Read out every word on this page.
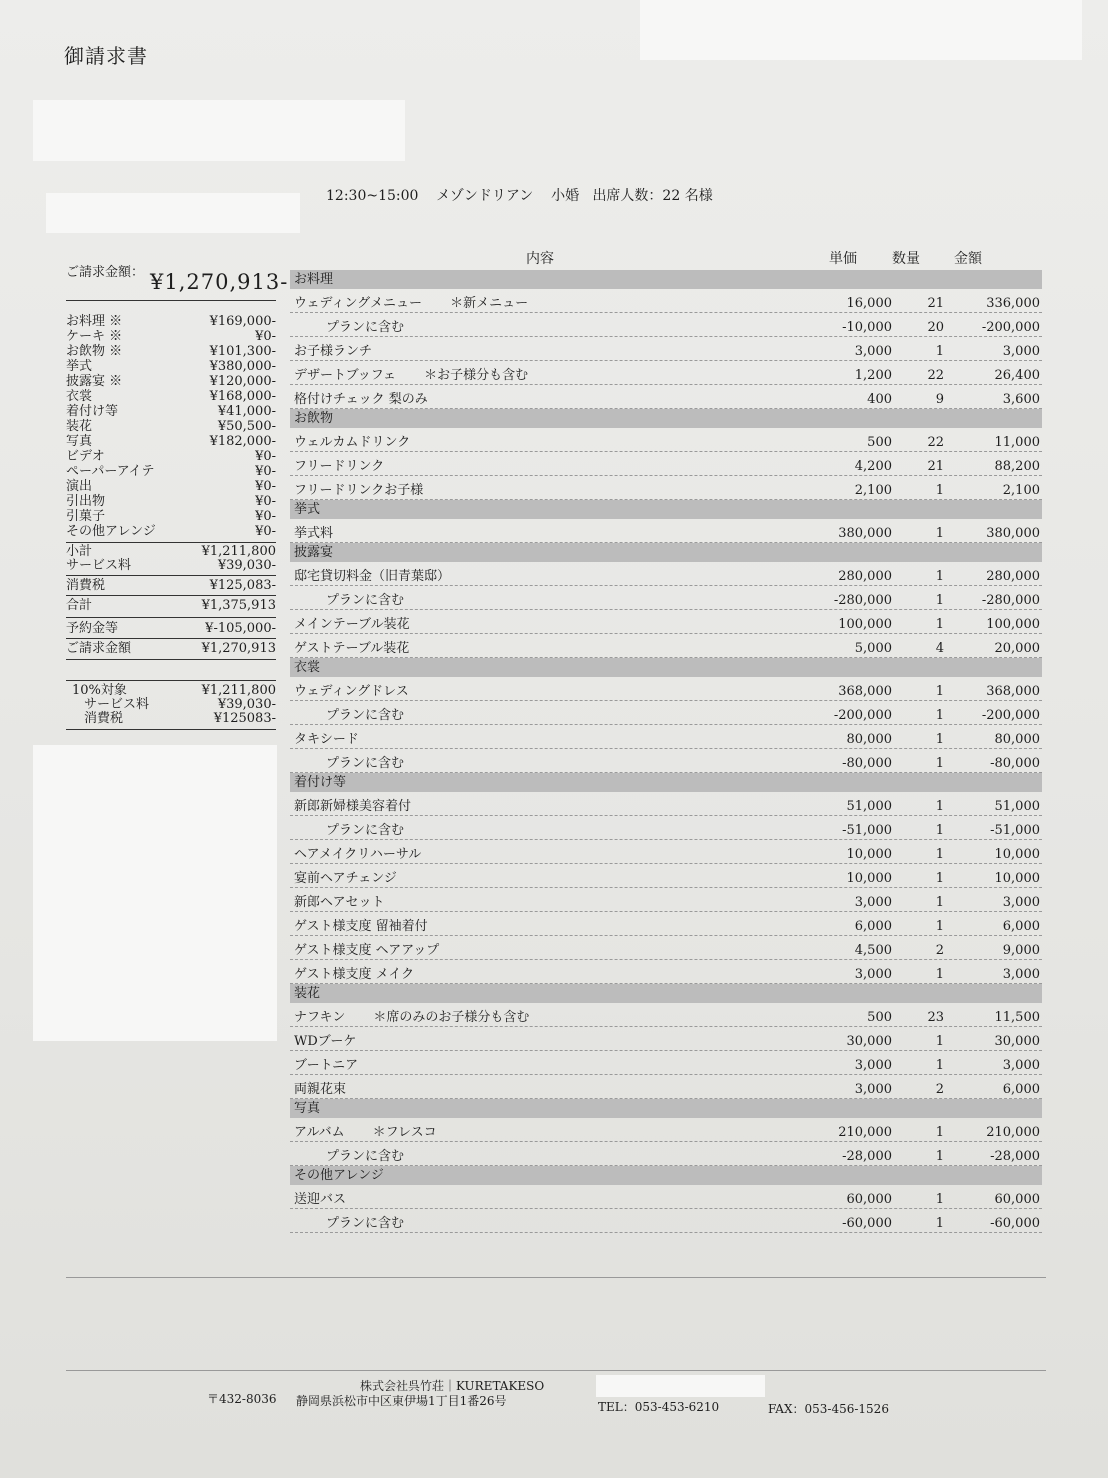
御請求書
12:30~15:00 メゾンドリアン 小婚 出席人数：22 名様
ご請求金額： ¥1,270,913-
お料理 ※	¥169,000-
ケーキ ※	¥0-
お飲物 ※	¥101,300-
挙式	¥380,000-
披露宴 ※	¥120,000-
衣裳	¥168,000-
着付け等	¥41,000-
装花	¥50,500-
写真	¥182,000-
ビデオ	¥0-
ペーパーアイテ	¥0-
演出	¥0-
引出物	¥0-
引菓子	¥0-
その他アレンジ	¥0-
小計	¥1,211,800
サービス料	¥39,030-
消費税	¥125,083-
合計	¥1,375,913
予約金等	¥-105,000-
ご請求金額	¥1,270,913
10%対象	¥1,211,800
サービス料	¥39,030-
消費税	¥125083-
内容	単価	数量 金額
お料理
ウェディングメニュー ＊新メニュー	16,000	21	336,000
プランに含む	-10,000	20	-200,000
お子様ランチ	3,000	1	3,000
デザートブッフェ ＊お子様分も含む	1,200	22	26,400
格付けチェック 梨のみ	400	9	3,600
お飲物
ウェルカムドリンク	500	22	11,000
フリードリンク	4,200	21	88,200
フリードリンクお子様	2,100	1	2,100
挙式
挙式料	380,000	1	380,000
披露宴
邸宅貸切料金（旧青葉邸）	280,000	1	280,000
プランに含む	-280,000	1	-280,000
メインテーブル装花	100,000	1	100,000
ゲストテーブル装花	5,000	4	20,000
衣裳
ウェディングドレス	368,000	1	368,000
プランに含む	-200,000	1	-200,000
タキシード	80,000	1	80,000
プランに含む	-80,000	1	-80,000
着付け等
新郎新婦様美容着付	51,000	1	51,000
プランに含む	-51,000	1	-51,000
ヘアメイクリハーサル	10,000	1	10,000
宴前ヘアチェンジ	10,000	1	10,000
新郎ヘアセット	3,000	1	3,000
ゲスト様支度 留袖着付	6,000	1	6,000
ゲスト様支度 ヘアアップ	4,500	2	9,000
ゲスト様支度 メイク	3,000	1	3,000
装花
ナフキン ＊席のみのお子様分も含む	500	23	11,500
WDブーケ	30,000	1	30,000
ブートニア	3,000	1	3,000
両親花束	3,000	2	6,000
写真
アルバム ＊フレスコ	210,000	1	210,000
プランに含む	-28,000	1	-28,000
その他アレンジ
送迎バス	60,000	1	60,000
プランに含む	-60,000	1	-60,000
〒432-8036
株式会社呉竹荘｜KURETAKESO
静岡県浜松市中区東伊場1丁目1番26号	TEL：053-453-6210	FAX：053-456-1526
